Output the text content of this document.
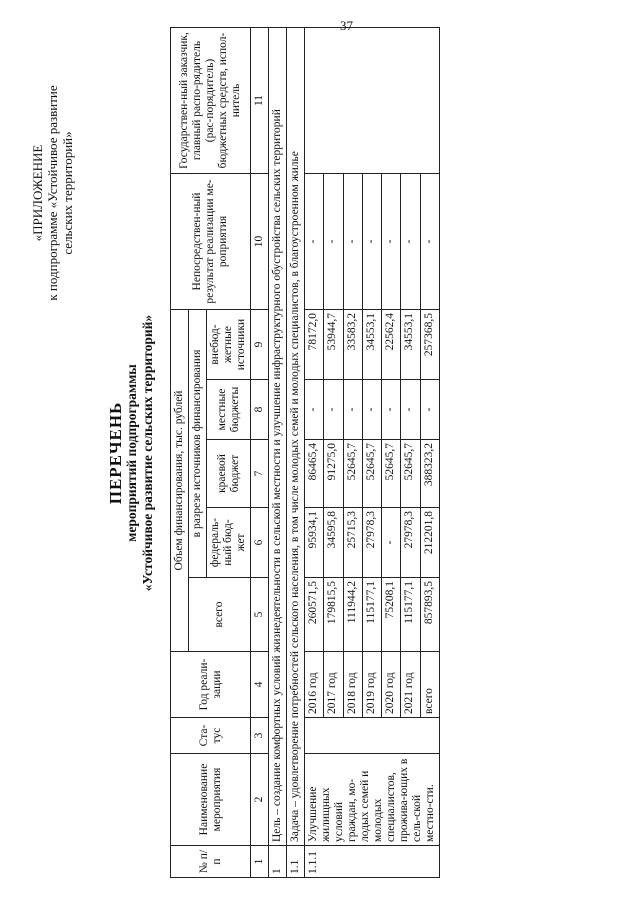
37
«ПРИЛОЖЕНИЕ к подпрограмме «Устойчивое развитие сельских территорий»
ПЕРЕЧЕНЬ мероприятий подпрограммы «Устойчивое развитие сельских территорий»
№ п/п	Наименование мероприятия	Ста-тус	Год реали-зации	Объем финансирования, тыс. рублей					Непосредствен-ный результат реализации ме-роприятия	Государствен-ный заказчик, главный распо-рядитель (рас-порядитель) бюджетных средств, испол-нитель
				всего	в разрезе источников финансирования					
					федераль-ный бюд-жет	краевой бюджет	местные бюджеты	внебюд-жетные источники		
1	2	3	4	5	6	7	8	9	10	11
1	Цель – создание комфортных условий жизнедеятельности в сельской местности и улучшение инфраструктурного обустройства сельских территорий									
1.1	Задача – удовлетворение потребностей сельского населения, в том числе молодых семей и молодых специалистов, в благоустроенном жилье									
1.1.1	Улучшение жилищных условий граждан, мо-лодых семей и молодых специалистов, прожива-ющих в сель-ской местно-сти.		2016 год	260571,5	95934,1	86465,4	-	78172,0	-	
			2017 год	179815,5	34595,8	91275,0	-	53944,7	-	
			2018 год	111944,2	25715,3	52645,7	-	33583,2	-	
			2019 год	115177,1	27978,3	52645,7	-	34553,1	-	
			2020 год	75208,1	-	52645,7	-	22562,4	-	
			2021 год	115177,1	27978,3	52645,7	-	34553,1	-	
			всего	857893,5	212201,8	388323,2	-	257368,5	-	
